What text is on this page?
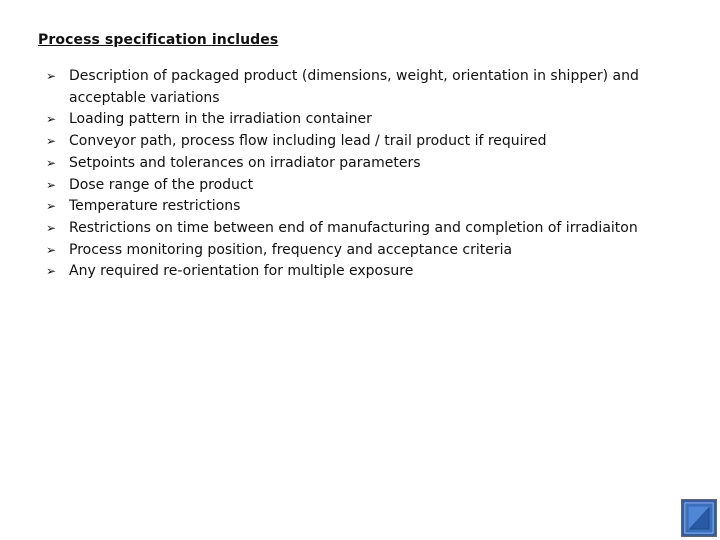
Process specification includes
➢ Description of packaged product (dimensions, weight, orientation in shipper) and acceptable variations
➢ Loading pattern in the irradiation container
➢ Conveyor path, process flow including lead / trail product if required
➢ Setpoints and tolerances on irradiator parameters
➢ Dose range of the product
➢ Temperature restrictions
➢ Restrictions on time between end of manufacturing and completion of irradiaiton
➢ Process monitoring position, frequency and acceptance criteria
➢ Any required re-orientation for multiple exposure
